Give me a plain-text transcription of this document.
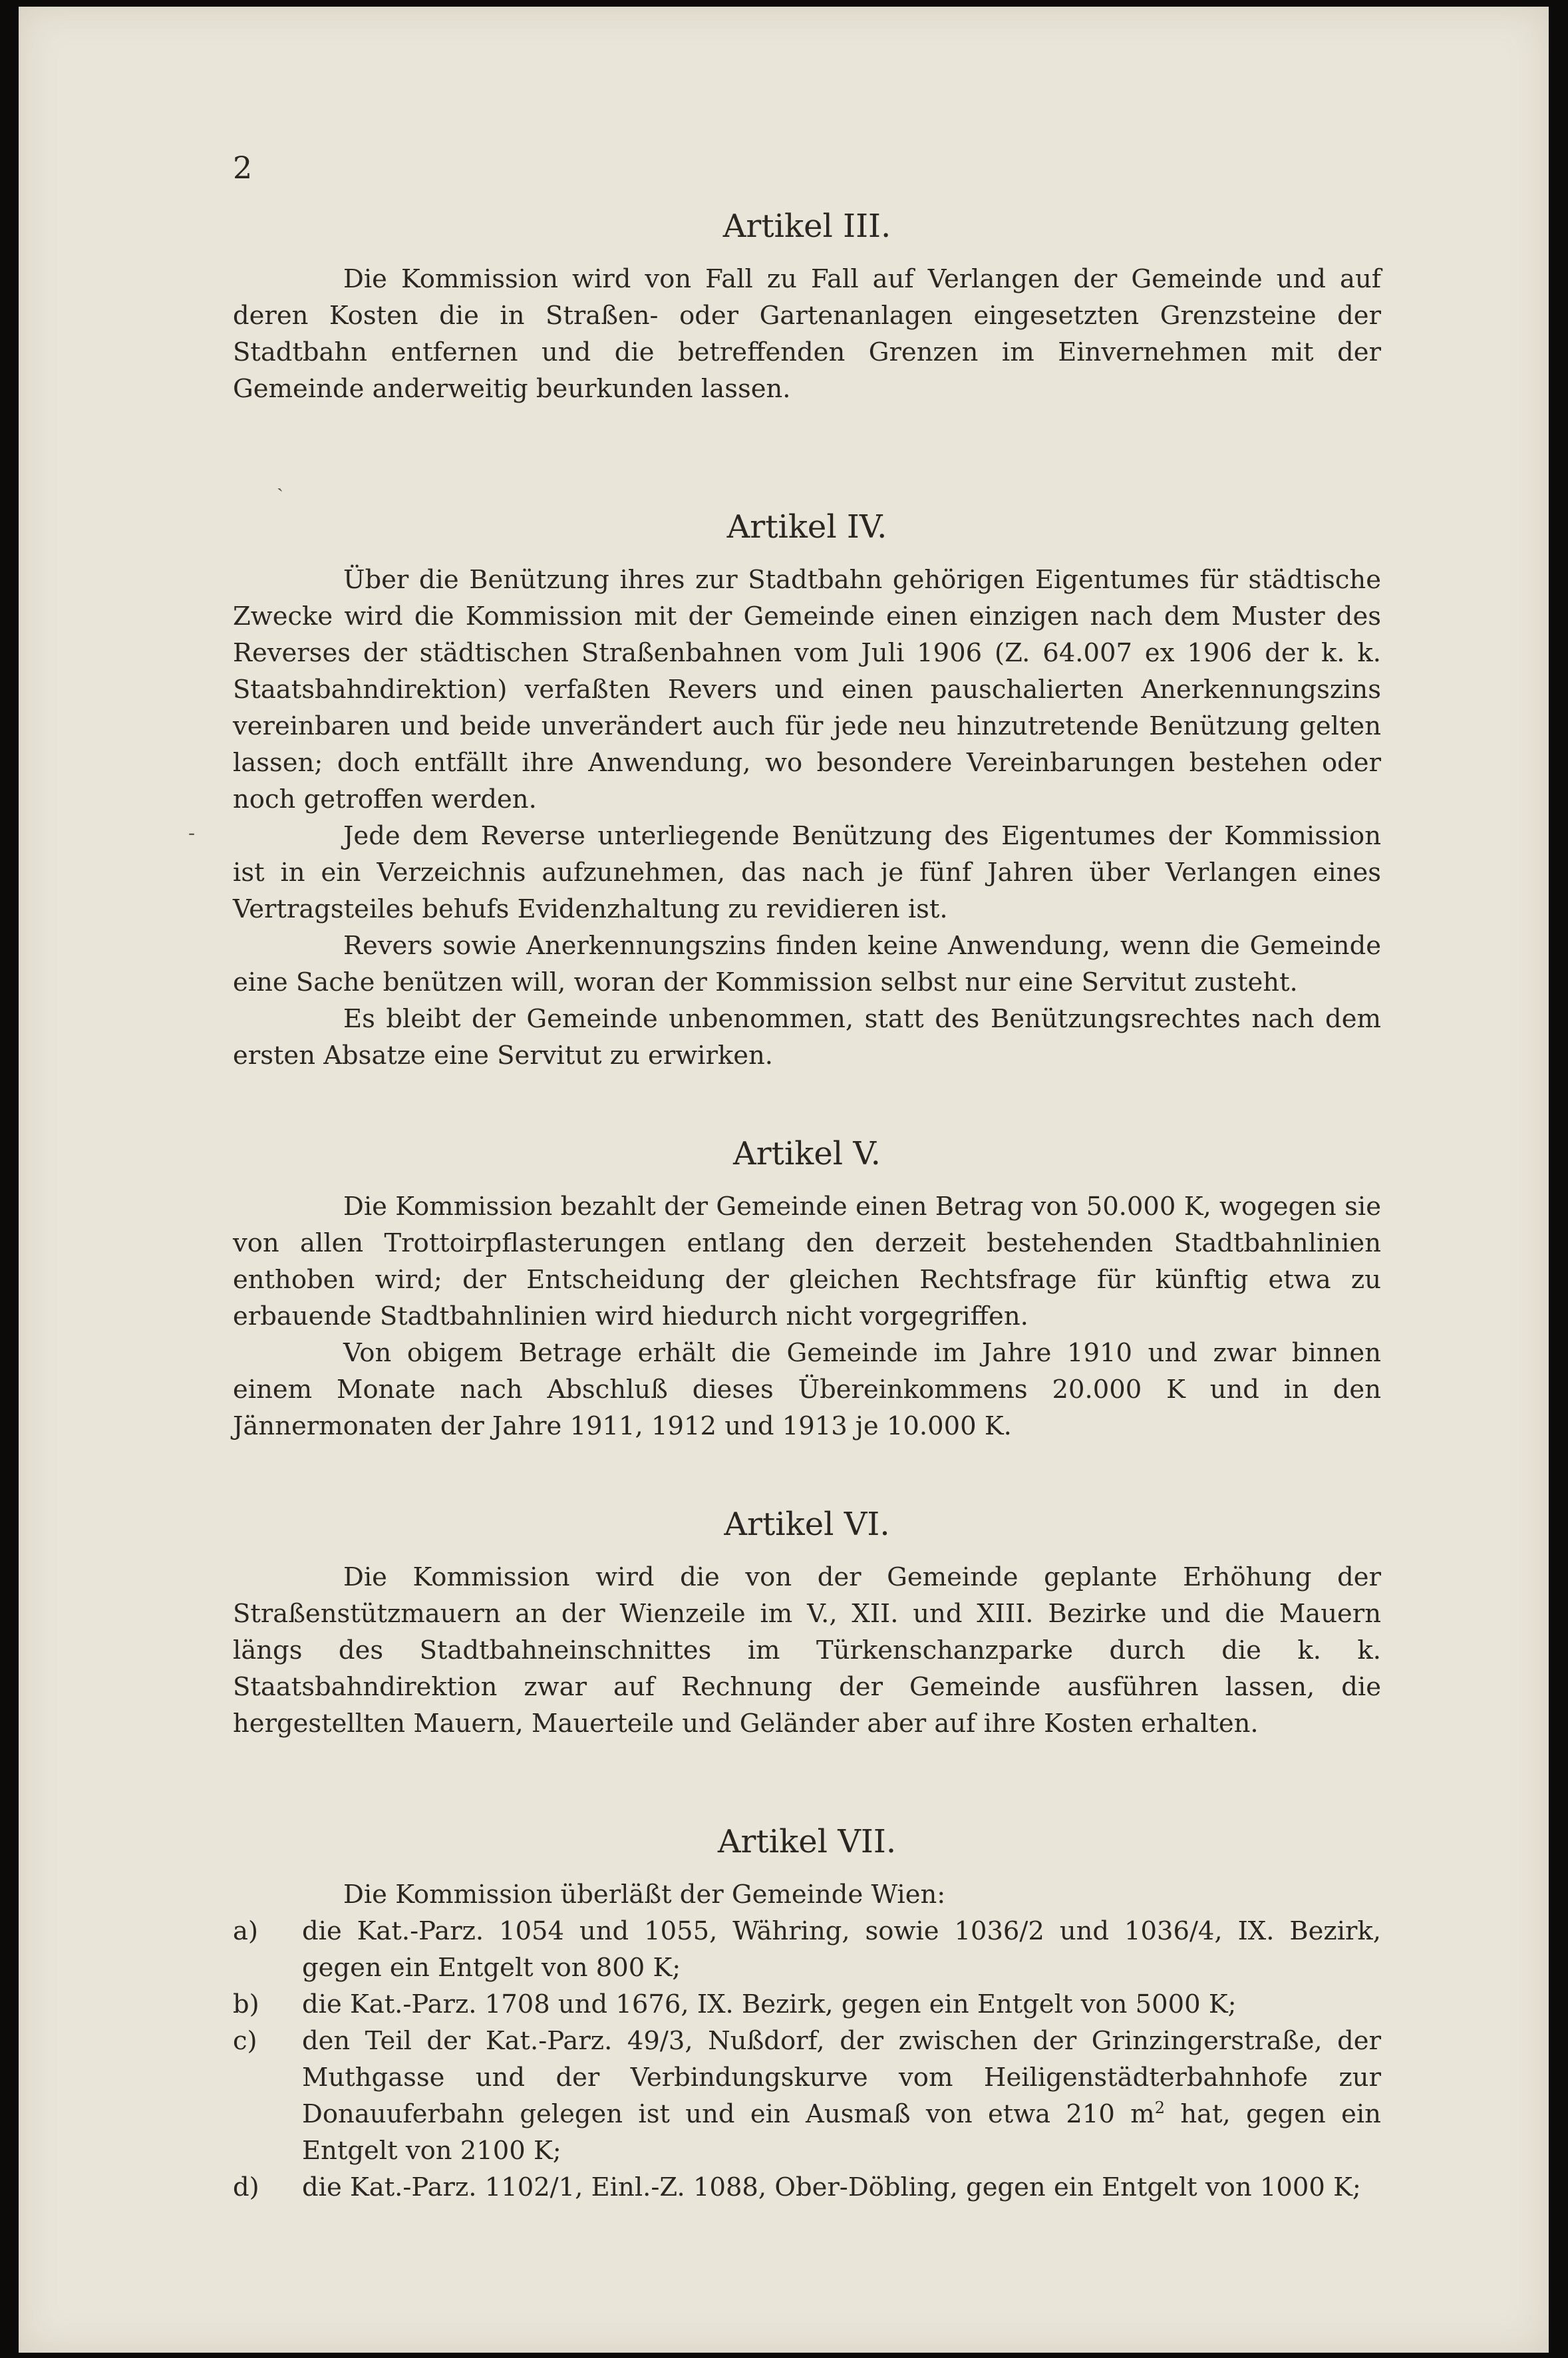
2
ˏ
-
Artikel III.

Die Kommission wird von Fall zu Fall auf Verlangen der Gemeinde und auf deren Kosten die in Straßen- oder Gartenanlagen eingesetzten Grenzsteine der Stadtbahn entfernen und die betreffenden Grenzen im Einvernehmen mit der Gemeinde anderweitig beurkunden lassen.

Artikel IV.

Über die Benützung ihres zur Stadtbahn gehörigen Eigentumes für städtische Zwecke wird die Kommission mit der Gemeinde einen einzigen nach dem Muster des Reverses der städtischen Straßenbahnen vom Juli 1906 (Z. 64.007 ex 1906 der k. k. Staatsbahndirektion) verfaßten Revers und einen pauschalierten Anerkennungszins vereinbaren und beide unverändert auch für jede neu hinzutretende Benützung gelten lassen; doch entfällt ihre Anwendung, wo besondere Vereinbarungen bestehen oder noch getroffen werden.

Jede dem Reverse unterliegende Benützung des Eigentumes der Kommission ist in ein Verzeichnis aufzunehmen, das nach je fünf Jahren über Verlangen eines Vertragsteiles behufs Evidenzhaltung zu revidieren ist.

Revers sowie Anerkennungszins finden keine Anwendung, wenn die Gemeinde eine Sache benützen will, woran der Kommission selbst nur eine Servitut zusteht.

Es bleibt der Gemeinde unbenommen, statt des Benützungsrechtes nach dem ersten Absatze eine Servitut zu erwirken.

Artikel V.

Die Kommission bezahlt der Gemeinde einen Betrag von 50.000 K, wogegen sie von allen Trottoirpflasterungen entlang den derzeit bestehenden Stadtbahnlinien enthoben wird; der Entscheidung der gleichen Rechtsfrage für künftig etwa zu erbauende Stadtbahnlinien wird hiedurch nicht vorgegriffen.

Von obigem Betrage erhält die Gemeinde im Jahre 1910 und zwar binnen einem Monate nach Abschluß dieses Übereinkommens 20.000 K und in den Jännermonaten der Jahre 1911, 1912 und 1913 je 10.000 K.

Artikel VI.

Die Kommission wird die von der Gemeinde geplante Erhöhung der Straßenstützmauern an der Wienzeile im V., XII. und XIII. Bezirke und die Mauern längs des Stadtbahneinschnittes im Türkenschanzparke durch die k. k. Staatsbahndirektion zwar auf Rechnung der Gemeinde ausführen lassen, die hergestellten Mauern, Mauerteile und Geländer aber auf ihre Kosten erhalten.

Artikel VII.

Die Kommission überläßt der Gemeinde Wien:

a) die Kat.-Parz. 1054 und 1055, Währing, sowie 1036/2 und 1036/4, IX. Bezirk, gegen ein Entgelt von 800 K;
b) die Kat.-Parz. 1708 und 1676, IX. Bezirk, gegen ein Entgelt von 5000 K;
c) den Teil der Kat.-Parz. 49/3, Nußdorf, der zwischen der Grinzingerstraße, der Muthgasse und der Verbindungskurve vom Heiligenstädterbahnhofe zur Donauuferbahn gelegen ist und ein Ausmaß von etwa 210 $m^2$ hat, gegen ein Entgelt von 2100 K;
d) die Kat.-Parz. 1102/1, Einl.-Z. 1088, Ober-Döbling, gegen ein Entgelt von 1000 K;
